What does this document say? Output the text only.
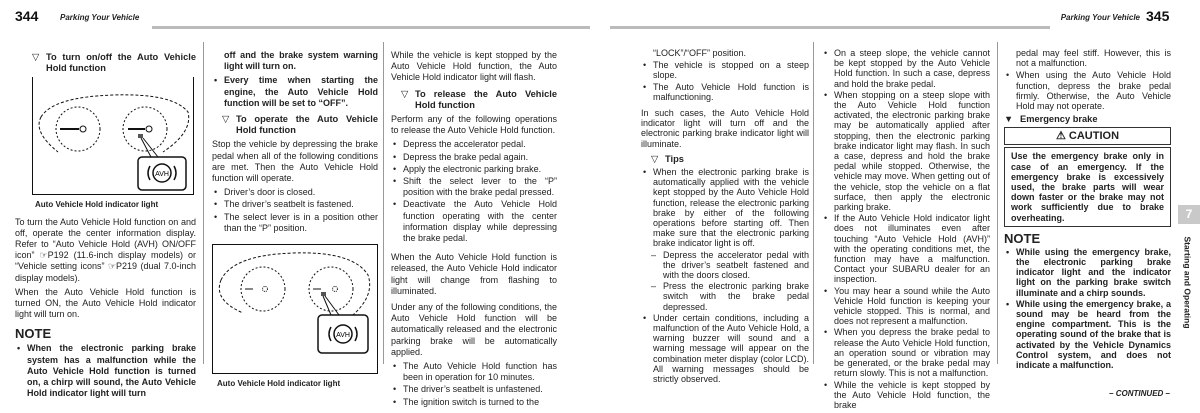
344	Parking Your Vehicle	Parking Your Vehicle 345
▽ To turn on/off the Auto Vehicle Hold function
AVH
Auto Vehicle Hold indicator light

To turn the Auto Vehicle Hold function on and off, operate the center information display. Refer to “Auto Vehicle Hold (AVH) ON/OFF icon” ☞P192 (11.6-inch display models) or “Vehicle setting icons” ☞P219 (dual 7.0-inch display models).

When the Auto Vehicle Hold function is turned ON, the Auto Vehicle Hold indicator light will turn on.

NOTE
• When the electronic parking brake system has a malfunction while the Auto Vehicle Hold function is turned on, a chirp will sound, the Auto Vehicle Hold indicator light will turn

off and the brake system warning light will turn on.

• Every time when starting the engine, the Auto Vehicle Hold function will be set to “OFF”.
▽ To operate the Auto Vehicle Hold function

Stop the vehicle by depressing the brake pedal when all of the following conditions are met. Then the Auto Vehicle Hold function will operate.

• Driver’s door is closed.
• The driver’s seatbelt is fastened.
• The select lever is in a position other than the “P” position.
AVH
Auto Vehicle Hold indicator light

While the vehicle is kept stopped by the Auto Vehicle Hold function, the Auto Vehicle Hold indicator light will flash.

▽ To release the Auto Vehicle Hold function

Perform any of the following operations to release the Auto Vehicle Hold function.

• Depress the accelerator pedal.
• Depress the brake pedal again.
• Apply the electronic parking brake.
• Shift the select lever to the “P” position with the brake pedal pressed.
• Deactivate the Auto Vehicle Hold function operating with the center information display while depressing the brake pedal.

When the Auto Vehicle Hold function is released, the Auto Vehicle Hold indicator light will change from flashing to illuminated.

Under any of the following conditions, the Auto Vehicle Hold function will be automatically released and the electronic parking brake will be automatically applied.

• The Auto Vehicle Hold function has been in operation for 10 minutes.
• The driver’s seatbelt is unfastened.
• The ignition switch is turned to the

“LOCK”/“OFF” position.

• The vehicle is stopped on a steep slope.
• The Auto Vehicle Hold function is malfunctioning.

In such cases, the Auto Vehicle Hold indicator light will turn off and the electronic parking brake indicator light will illuminate.

▽ Tips
• When the electronic parking brake is automatically applied with the vehicle kept stopped by the Auto Vehicle Hold function, release the electronic parking brake by either of the following operations before starting off. Then make sure that the electronic parking brake indicator light is off.
– Depress the accelerator pedal with the driver’s seatbelt fastened and with the doors closed.
– Press the electronic parking brake switch with the brake pedal depressed.
• Under certain conditions, including a malfunction of the Auto Vehicle Hold, a warning buzzer will sound and a warning message will appear on the combination meter display (color LCD). All warning messages should be strictly observed.
• On a steep slope, the vehicle cannot be kept stopped by the Auto Vehicle Hold function. In such a case, depress and hold the brake pedal.
• When stopping on a steep slope with the Auto Vehicle Hold function activated, the electronic parking brake may be automatically applied after stopping, then the electronic parking brake indicator light may flash. In such a case, depress and hold the brake pedal while stopped. Otherwise, the vehicle may move. When getting out of the vehicle, stop the vehicle on a flat surface, then apply the electronic parking brake.
• If the Auto Vehicle Hold indicator light does not illuminates even after touching “Auto Vehicle Hold (AVH)” with the operating conditions met, the function may have a malfunction. Contact your SUBARU dealer for an inspection.
• You may hear a sound while the Auto Vehicle Hold function is keeping your vehicle stopped. This is normal, and does not represent a malfunction.
• When you depress the brake pedal to release the Auto Vehicle Hold function, an operation sound or vibration may be generated, or the brake pedal may return slowly. This is not a malfunction.
• While the vehicle is kept stopped by the Auto Vehicle Hold function, the brake

pedal may feel stiff. However, this is not a malfunction.

• When using the Auto Vehicle Hold function, depress the brake pedal firmly. Otherwise, the Auto Vehicle Hold may not operate.
▼ Emergency brake
⚠ CAUTION
Use the emergency brake only in case of an emergency. If the emergency brake is excessively used, the brake parts will wear down faster or the brake may not work sufficiently due to brake overheating.
NOTE
• While using the emergency brake, the electronic parking brake indicator light and the indicator light on the parking brake switch illuminate and a chirp sounds.
• While using the emergency brake, a sound may be heard from the engine compartment. This is the operating sound of the brake that is activated by the Vehicle Dynamics Control system, and does not indicate a malfunction.
7
Starting and Operating
– CONTINUED –
